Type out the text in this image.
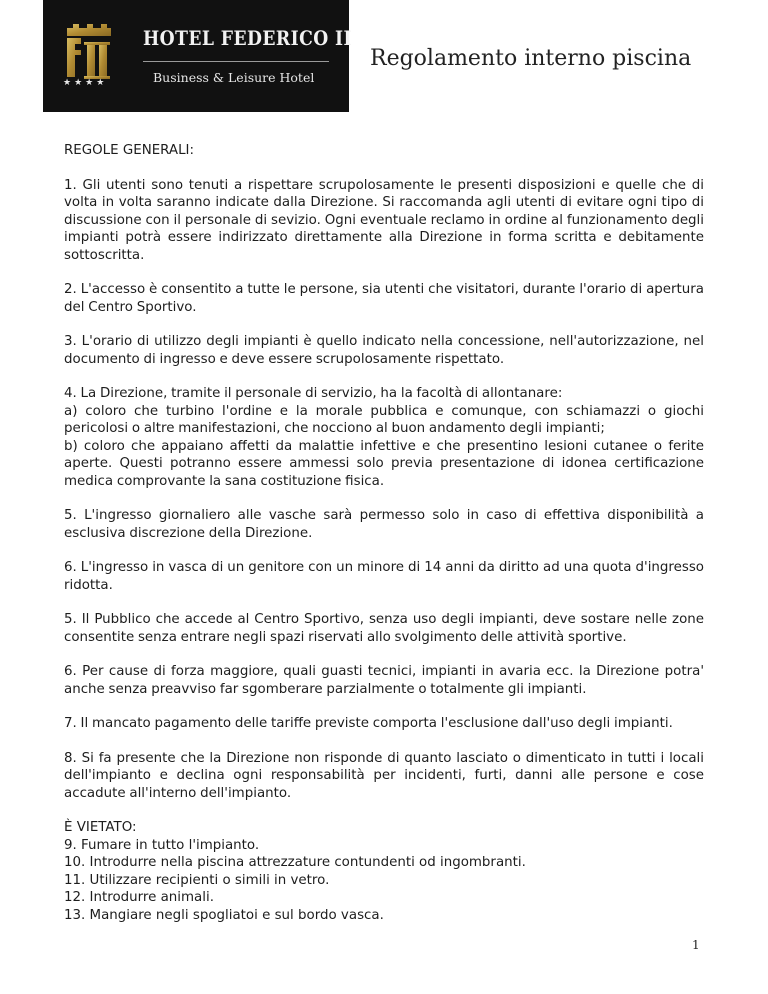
★★★★
HOTEL FEDERICO II
Business & Leisure Hotel
Regolamento interno piscina

REGOLE GENERALI:

1. Gli utenti sono tenuti a rispettare scrupolosamente le presenti disposizioni e quelle che di volta in volta saranno indicate dalla Direzione. Si raccomanda agli utenti di evitare ogni tipo di discussione con il personale di sevizio. Ogni eventuale reclamo in ordine al funzionamento degli impianti potrà essere indirizzato direttamente alla Direzione in forma scritta e debitamente sottoscritta.

2. L'accesso è consentito a tutte le persone, sia utenti che visitatori, durante l'orario di apertura del Centro Sportivo.

3. L'orario di utilizzo degli impianti è quello indicato nella concessione, nell'autorizzazione, nel documento di ingresso e deve essere scrupolosamente rispettato.

4. La Direzione, tramite il personale di servizio, ha la facoltà di allontanare:
a) coloro che turbino l'ordine e la morale pubblica e comunque, con schiamazzi o giochi pericolosi o altre manifestazioni, che nocciono al buon andamento degli impianti;
b) coloro che appaiano affetti da malattie infettive e che presentino lesioni cutanee o ferite aperte. Questi potranno essere ammessi solo previa presentazione di idonea certificazione medica comprovante la sana costituzione fisica.

5. L'ingresso giornaliero alle vasche sarà permesso solo in caso di effettiva disponibilità a esclusiva discrezione della Direzione.

6. L'ingresso in vasca di un genitore con un minore di 14 anni da diritto ad una quota d'ingresso ridotta.

5. Il Pubblico che accede al Centro Sportivo, senza uso degli impianti, deve sostare nelle zone consentite senza entrare negli spazi riservati allo svolgimento delle attività sportive.

6. Per cause di forza maggiore, quali guasti tecnici, impianti in avaria ecc. la Direzione potra' anche senza preavviso far sgomberare parzialmente o totalmente gli impianti.

7. Il mancato pagamento delle tariffe previste comporta l'esclusione dall'uso degli impianti.

8. Si fa presente che la Direzione non risponde di quanto lasciato o dimenticato in tutti i locali dell'impianto e declina ogni responsabilità per incidenti, furti, danni alle persone e cose accadute all'interno dell'impianto.

È VIETATO:

9. Fumare in tutto l'impianto.
10. Introdurre nella piscina attrezzature contundenti od ingombranti.
11. Utilizzare recipienti o simili in vetro.
12. Introdurre animali.
13. Mangiare negli spogliatoi e sul bordo vasca.
1
